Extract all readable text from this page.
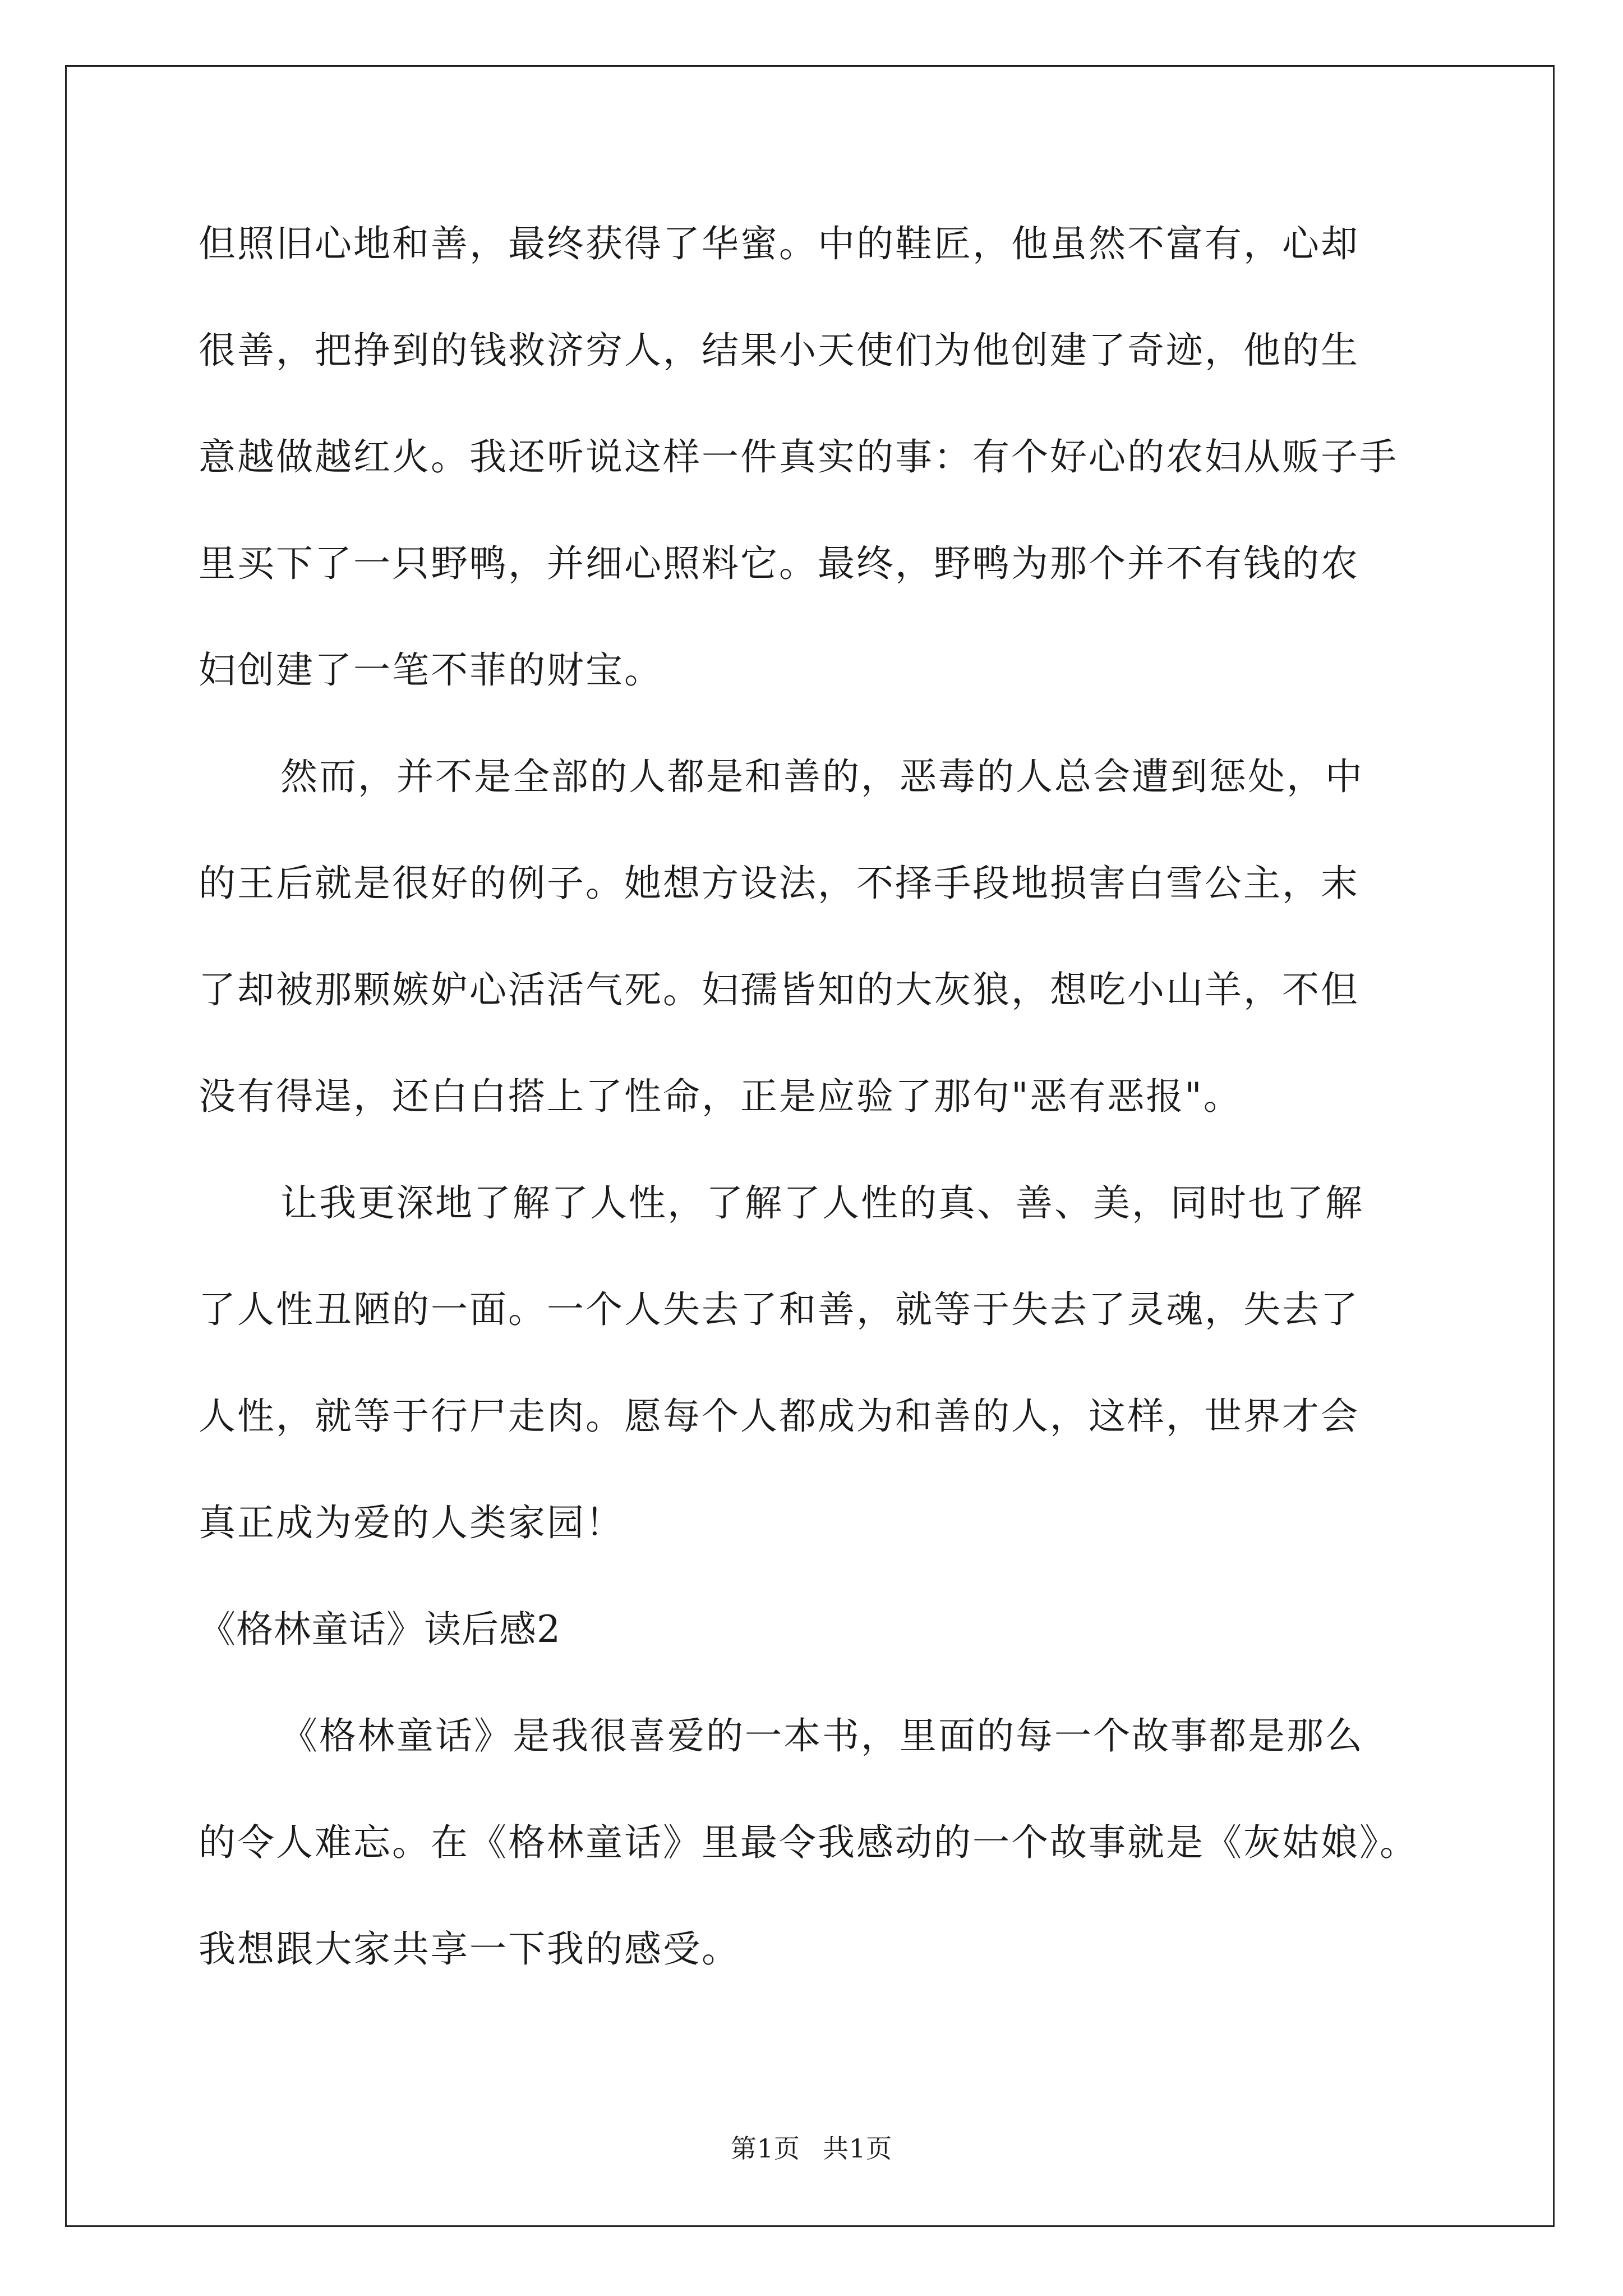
但照旧心地和善，最终获得了华蜜。中的鞋匠，他虽然不富有，心却
很善，把挣到的钱救济穷人，结果小天使们为他创建了奇迹，他的生
意越做越红火。我还听说这样一件真实的事：有个好心的农妇从贩子手
里买下了一只野鸭，并细心照料它。最终，野鸭为那个并不有钱的农
妇创建了一笔不菲的财宝。
然而，并不是全部的人都是和善的，恶毒的人总会遭到惩处，中
的王后就是很好的例子。她想方设法，不择手段地损害白雪公主，末
了却被那颗嫉妒心活活气死。妇孺皆知的大灰狼，想吃小山羊，不但
没有得逞，还白白搭上了性命，正是应验了那句"恶有恶报"。
让我更深地了解了人性，了解了人性的真、善、美，同时也了解
了人性丑陋的一面。一个人失去了和善，就等于失去了灵魂，失去了
人性，就等于行尸走肉。愿每个人都成为和善的人，这样，世界才会
真正成为爱的人类家园！
《格林童话》读后感2
《格林童话》是我很喜爱的一本书，里面的每一个故事都是那么
的令人难忘。在《格林童话》里最令我感动的一个故事就是《灰姑娘》。
我想跟大家共享一下我的感受。
第1页 共1页
